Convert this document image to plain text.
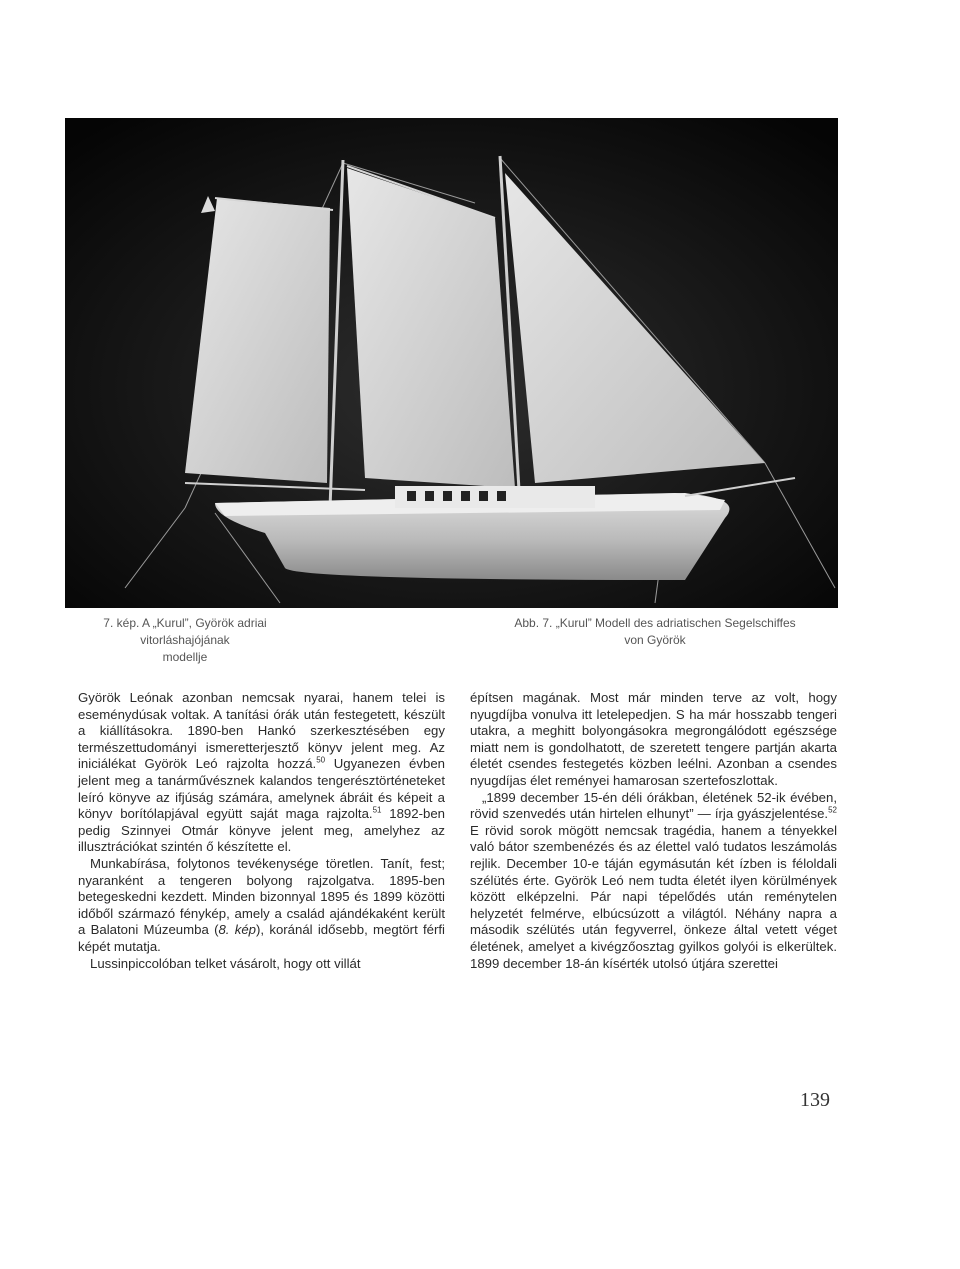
7. kép. A „Kurul”, Györök adriai vitorláshajójának
modellje
Abb. 7. „Kurul” Modell des adriatischen Segelschiffes
von Györök

Györök Leónak azonban nemcsak nyarai, hanem telei is eseménydúsak voltak. A tanítási órák után festegetett, készült a kiállításokra. 1890-ben Hankó szerkesztésében egy természettudományi ismeretterjesztő könyv jelent meg. Az iniciálékat Györök Leó rajzolta hozzá.$^{50}$ Ugyanezen évben jelent meg a tanárművésznek kalandos tengerésztörténeteket leíró könyve az ifjúság számára, amelynek ábráit és képeit a könyv borítólapjával együtt saját maga rajzolta.$^{51}$ 1892-ben pedig Szinnyei Otmár könyve jelent meg, amelyhez az illusztrációkat szintén ő készítette el.

Munkabírása, folytonos tevékenysége töretlen. Tanít, fest; nyaranként a tengeren bolyong rajzolgatva. 1895-ben betegeskedni kezdett. Minden bizonnyal 1895 és 1899 közötti időből származó fénykép, amely a család ajándékaként került a Balatoni Múzeumba (8. kép), koránál idősebb, megtört férfi képét mutatja.

Lussinpiccolóban telket vásárolt, hogy ott villát

építsen magának. Most már minden terve az volt, hogy nyugdíjba vonulva itt letelepedjen. S ha már hosszabb tengeri utakra, a meghitt bolyongásokra megrongálódott egészsége miatt nem is gondolhatott, de szeretett tengere partján akarta életét csendes festegetés közben leélni. Azonban a csendes nyugdíjas élet reményei hamarosan szertefoszlottak.

„1899 december 15-én déli órákban, életének 52-ik évében, rövid szenvedés után hirtelen elhunyt” — írja gyászjelentése.$^{52}$ E rövid sorok mögött nemcsak tragédia, hanem a tényekkel való bátor szembenézés és az élettel való tudatos leszámolás rejlik. December 10-e táján egymásután két ízben is féloldali szélütés érte. Györök Leó nem tudta életét ilyen körülmények között elképzelni. Pár napi tépelődés után reménytelen helyzetét felmérve, elbúcsúzott a világtól. Néhány napra a második szélütés után fegyverrel, önkeze által vetett véget életének, amelyet a kivégzőosztag gyilkos golyói is elkerültek. 1899 december 18-án kísérték utolsó útjára szerettei

139
